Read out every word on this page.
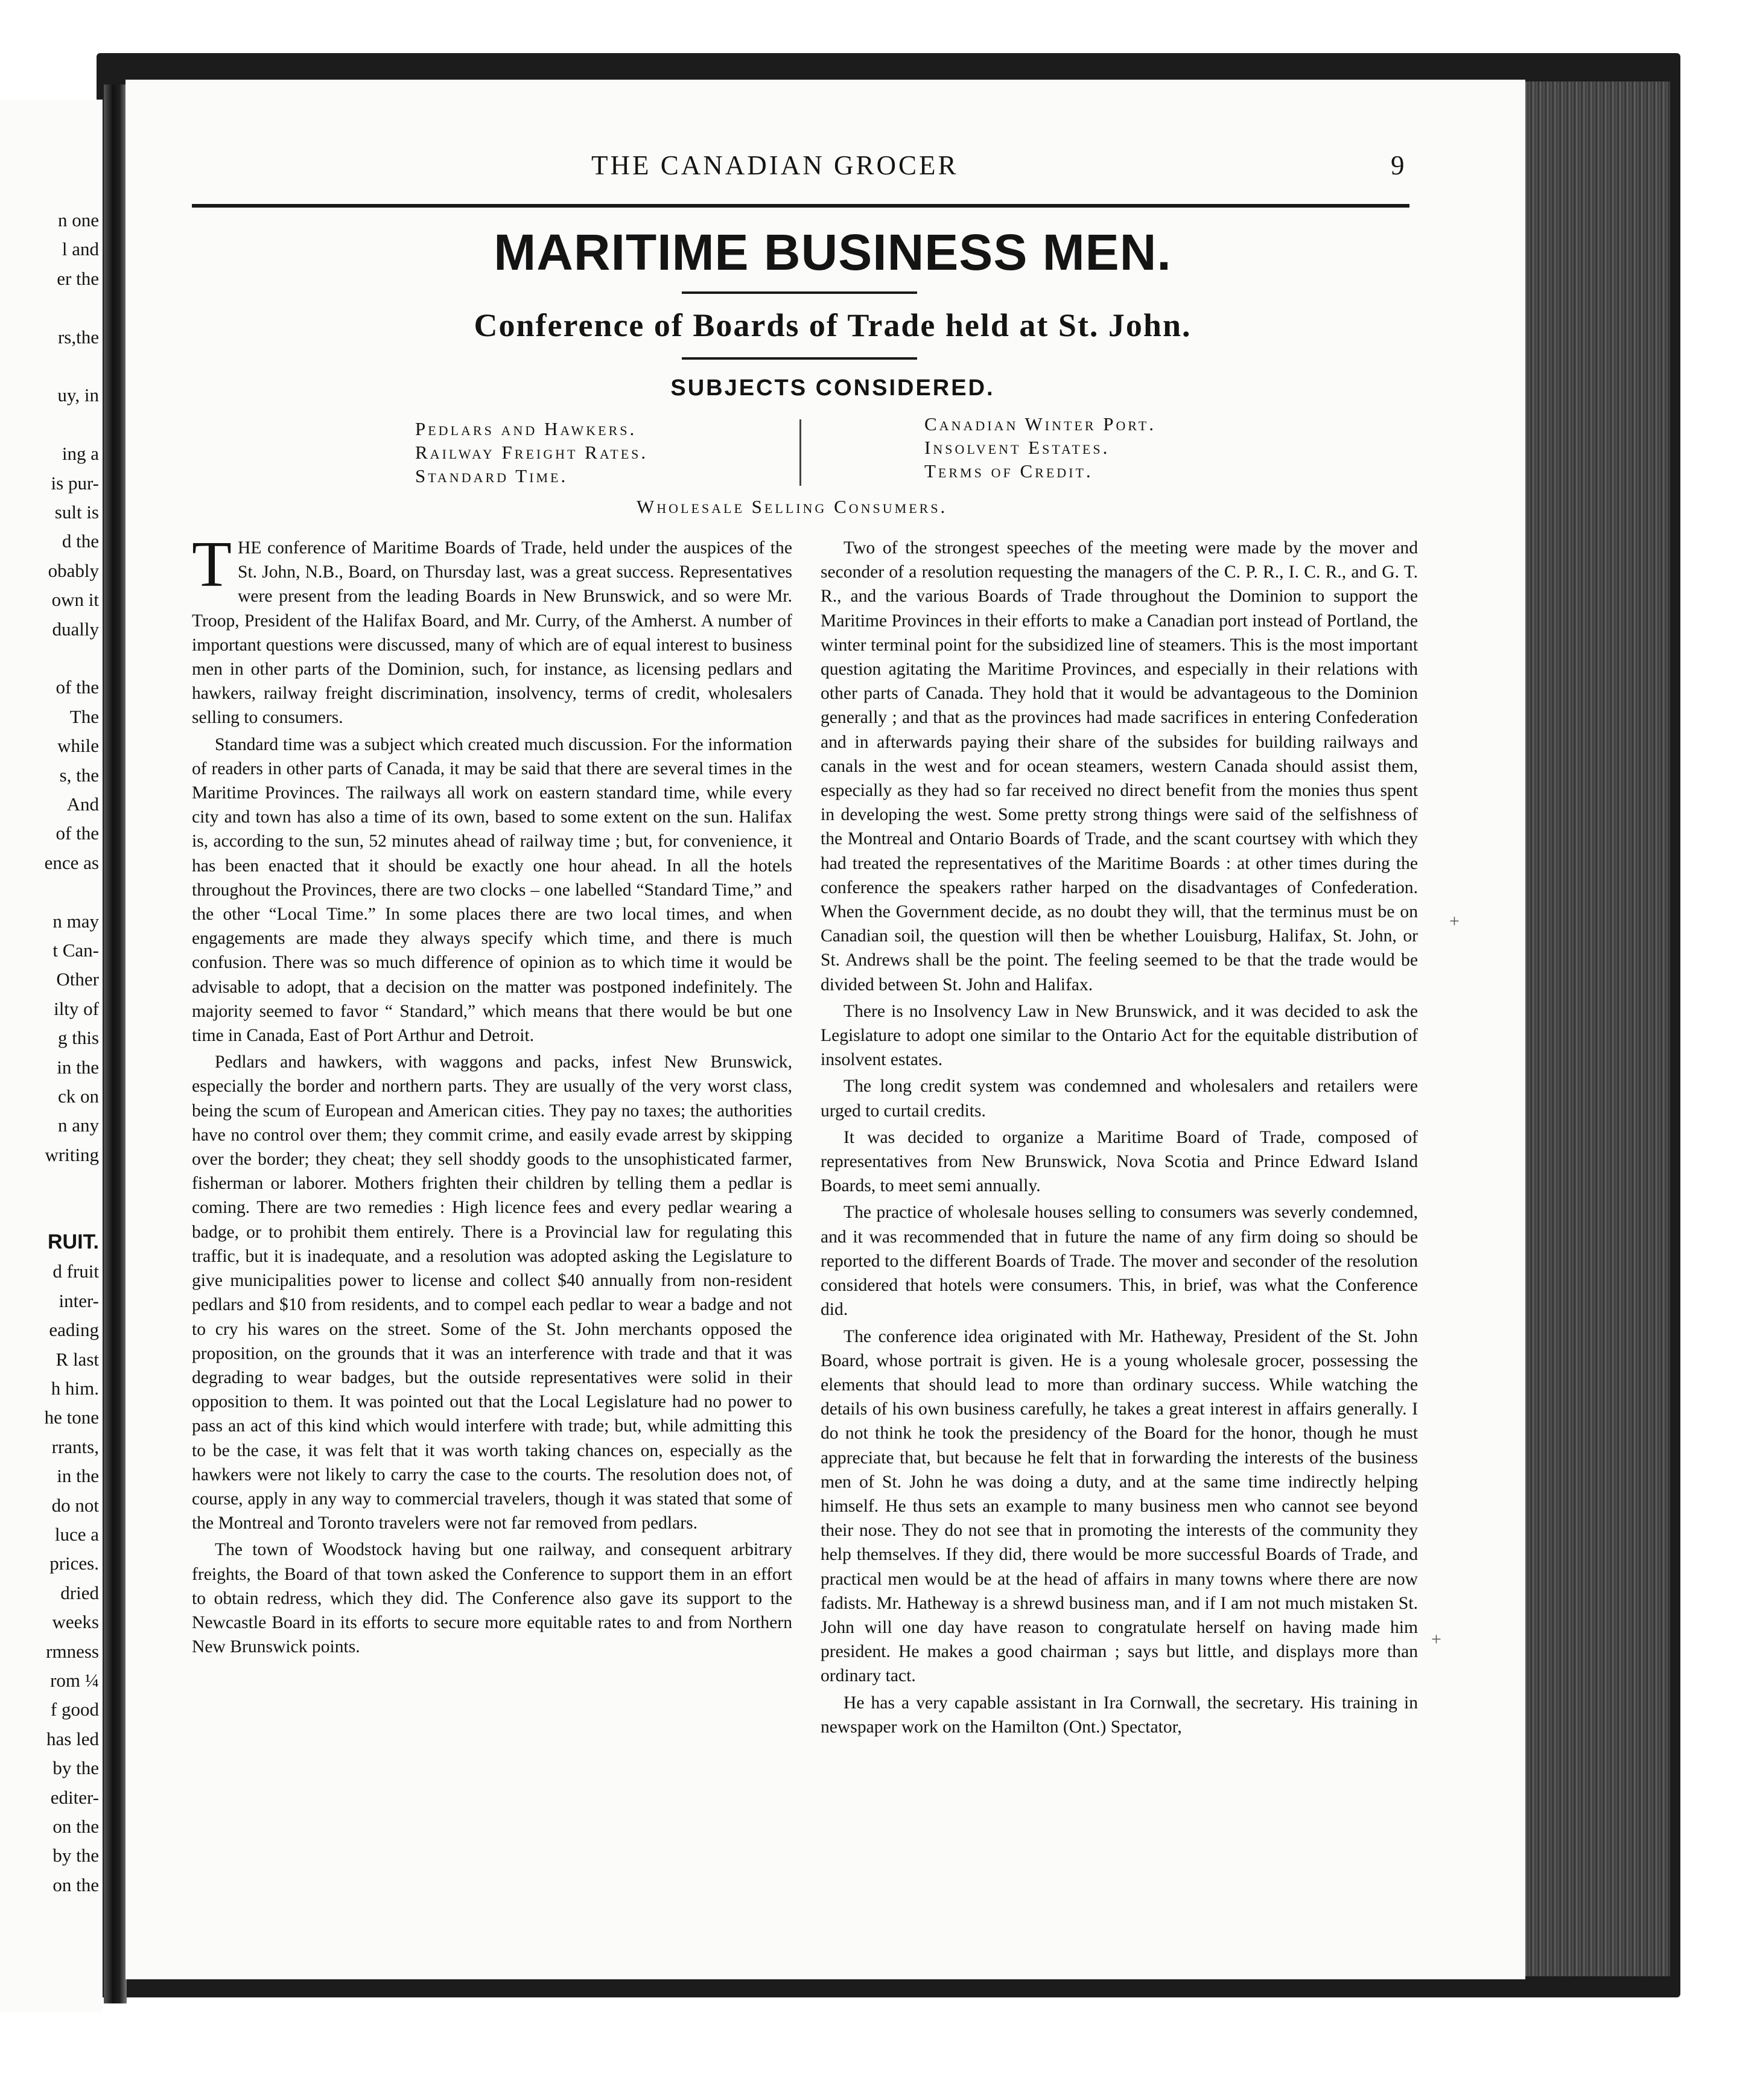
n one
l and
er the
rs,the
uy, in
ing a
is pur-
sult is
d the
obably
own it
dually
of the
The
while
s, the
And
of the
ence as
n may
t Can-
Other
ilty of
g this
in the
ck on
n any
writing
RUIT.
d fruit
inter-
eading
R last
h him.
he tone
rrants,
in the
do not
luce a
prices.
dried
weeks
rmness
rom ¼
f good
has led
by the
editer-
on the
by the
on the
THE CANADIAN GROCER	9
MARITIME BUSINESS MEN.
Conference of Boards of Trade held at St. John.
SUBJECTS CONSIDERED.
Pedlars and Hawkers.
Railway Freight Rates.
Standard Time.
Canadian Winter Port.
Insolvent Estates.
Terms of Credit.
Wholesale Selling Consumers.

THE conference of Maritime Boards of Trade, held under the auspices of the St. John, N.B., Board, on Thursday last, was a great success. Representatives were present from the leading Boards in New Brunswick, and so were Mr. Troop, President of the Halifax Board, and Mr. Curry, of the Amherst. A number of important questions were discussed, many of which are of equal interest to business men in other parts of the Dominion, such, for instance, as licensing pedlars and hawkers, railway freight discrimination, insolvency, terms of credit, wholesalers selling to consumers.

Standard time was a subject which created much discussion. For the information of readers in other parts of Canada, it may be said that there are several times in the Maritime Provinces. The railways all work on eastern standard time, while every city and town has also a time of its own, based to some extent on the sun. Halifax is, according to the sun, 52 minutes ahead of railway time ; but, for convenience, it has been enacted that it should be exactly one hour ahead. In all the hotels throughout the Provinces, there are two clocks – one labelled “Standard Time,” and the other “Local Time.” In some places there are two local times, and when engagements are made they always specify which time, and there is much confusion. There was so much difference of opinion as to which time it would be advisable to adopt, that a decision on the matter was postponed indefinitely. The majority seemed to favor “ Standard,” which means that there would be but one time in Canada, East of Port Arthur and Detroit.

Pedlars and hawkers, with waggons and packs, infest New Brunswick, especially the border and northern parts. They are usually of the very worst class, being the scum of European and American cities. They pay no taxes; the authorities have no control over them; they commit crime, and easily evade arrest by skipping over the border; they cheat; they sell shoddy goods to the unsophisticated farmer, fisherman or laborer. Mothers frighten their children by telling them a pedlar is coming. There are two remedies : High licence fees and every pedlar wearing a badge, or to prohibit them entirely. There is a Provincial law for regulating this traffic, but it is inadequate, and a resolution was adopted asking the Legislature to give municipalities power to license and collect $40 annually from non-resident pedlars and $10 from residents, and to compel each pedlar to wear a badge and not to cry his wares on the street. Some of the St. John merchants opposed the proposition, on the grounds that it was an interference with trade and that it was degrading to wear badges, but the outside representatives were solid in their opposition to them. It was pointed out that the Local Legislature had no power to pass an act of this kind which would interfere with trade; but, while admitting this to be the case, it was felt that it was worth taking chances on, especially as the hawkers were not likely to carry the case to the courts. The resolution does not, of course, apply in any way to commercial travelers, though it was stated that some of the Montreal and Toronto travelers were not far removed from pedlars.

The town of Woodstock having but one railway, and consequent arbitrary freights, the Board of that town asked the Conference to support them in an effort to obtain redress, which they did. The Conference also gave its support to the Newcastle Board in its efforts to secure more equitable rates to and from Northern New Brunswick points.

Two of the strongest speeches of the meeting were made by the mover and seconder of a resolution requesting the managers of the C. P. R., I. C. R., and G. T. R., and the various Boards of Trade throughout the Dominion to support the Maritime Provinces in their efforts to make a Canadian port instead of Portland, the winter terminal point for the subsidized line of steamers. This is the most important question agitating the Maritime Provinces, and especially in their relations with other parts of Canada. They hold that it would be advantageous to the Dominion generally ; and that as the provinces had made sacrifices in entering Confederation and in afterwards paying their share of the subsides for building railways and canals in the west and for ocean steamers, western Canada should assist them, especially as they had so far received no direct benefit from the monies thus spent in developing the west. Some pretty strong things were said of the selfishness of the Montreal and Ontario Boards of Trade, and the scant courtsey with which they had treated the representatives of the Maritime Boards : at other times during the conference the speakers rather harped on the disadvantages of Confederation. When the Government decide, as no doubt they will, that the terminus must be on Canadian soil, the question will then be whether Louisburg, Halifax, St. John, or St. Andrews shall be the point. The feeling seemed to be that the trade would be divided between St. John and Halifax.

There is no Insolvency Law in New Brunswick, and it was decided to ask the Legislature to adopt one similar to the Ontario Act for the equitable distribution of insolvent estates.

The long credit system was condemned and wholesalers and retailers were urged to curtail credits.

It was decided to organize a Maritime Board of Trade, composed of representatives from New Brunswick, Nova Scotia and Prince Edward Island Boards, to meet semi annually.

The practice of wholesale houses selling to consumers was severly condemned, and it was recommended that in future the name of any firm doing so should be reported to the different Boards of Trade. The mover and seconder of the resolution considered that hotels were consumers. This, in brief, was what the Conference did.

The conference idea originated with Mr. Hatheway, President of the St. John Board, whose portrait is given. He is a young wholesale grocer, possessing the elements that should lead to more than ordinary success. While watching the details of his own business carefully, he takes a great interest in affairs generally. I do not think he took the presidency of the Board for the honor, though he must appreciate that, but because he felt that in forwarding the interests of the business men of St. John he was doing a duty, and at the same time indirectly helping himself. He thus sets an example to many business men who cannot see beyond their nose. They do not see that in promoting the interests of the community they help themselves. If they did, there would be more successful Boards of Trade, and practical men would be at the head of affairs in many towns where there are now fadists. Mr. Hatheway is a shrewd business man, and if I am not much mistaken St. John will one day have reason to congratulate herself on having made him president. He makes a good chairman ; says but little, and displays more than ordinary tact.

He has a very capable assistant in Ira Cornwall, the secretary. His training in newspaper work on the Hamilton (Ont.) Spectator,

+
+
